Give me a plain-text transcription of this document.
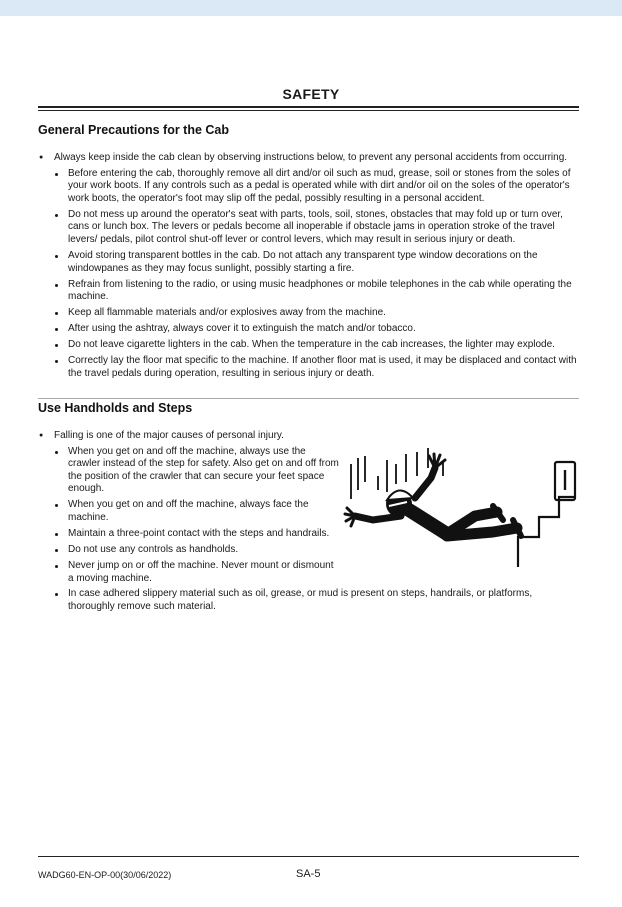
SAFETY
General Precautions for the Cab
● Always keep inside the cab clean by observing instructions below, to prevent any personal accidents from occurring.
Before entering the cab, thoroughly remove all dirt and/or oil such as mud, grease, soil or stones from the soles of your work boots. If any controls such as a pedal is operated while with dirt and/or oil on the soles of the operator's work boots, the operator's foot may slip off the pedal, possibly resulting in a personal accident.
Do not mess up around the operator's seat with parts, tools, soil, stones, obstacles that may fold up or turn over, cans or lunch box. The levers or pedals become all inoperable if obstacle jams in operation stroke of the travel levers/ pedals, pilot control shut-off lever or control levers, which may result in serious injury or death.
Avoid storing transparent bottles in the cab. Do not attach any transparent type window decorations on the windowpanes as they may focus sunlight, possibly starting a fire.
Refrain from listening to the radio, or using music headphones or mobile telephones in the cab while operating the machine.
Keep all flammable materials and/or explosives away from the machine.
After using the ashtray, always cover it to extinguish the match and/or tobacco.
Do not leave cigarette lighters in the cab. When the temperature in the cab increases, the lighter may explode.
Correctly lay the floor mat specific to the machine. If another floor mat is used, it may be displaced and contact with the travel pedals during operation, resulting in serious injury or death.
Use Handholds and Steps
● Falling is one of the major causes of personal injury.
When you get on and off the machine, always use the crawler instead of the step for safety. Also get on and off from the position of the crawler that can secure your feet space enough.
When you get on and off the machine, always face the machine.
Maintain a three-point contact with the steps and handrails.
Do not use any controls as handholds.
Never jump on or off the machine. Never mount or dismount a moving machine.
In case adhered slippery material such as oil, grease, or mud is present on steps, handrails, or platforms, thoroughly remove such material.
WADG60-EN-OP-00(30/06/2022)	SA-5
